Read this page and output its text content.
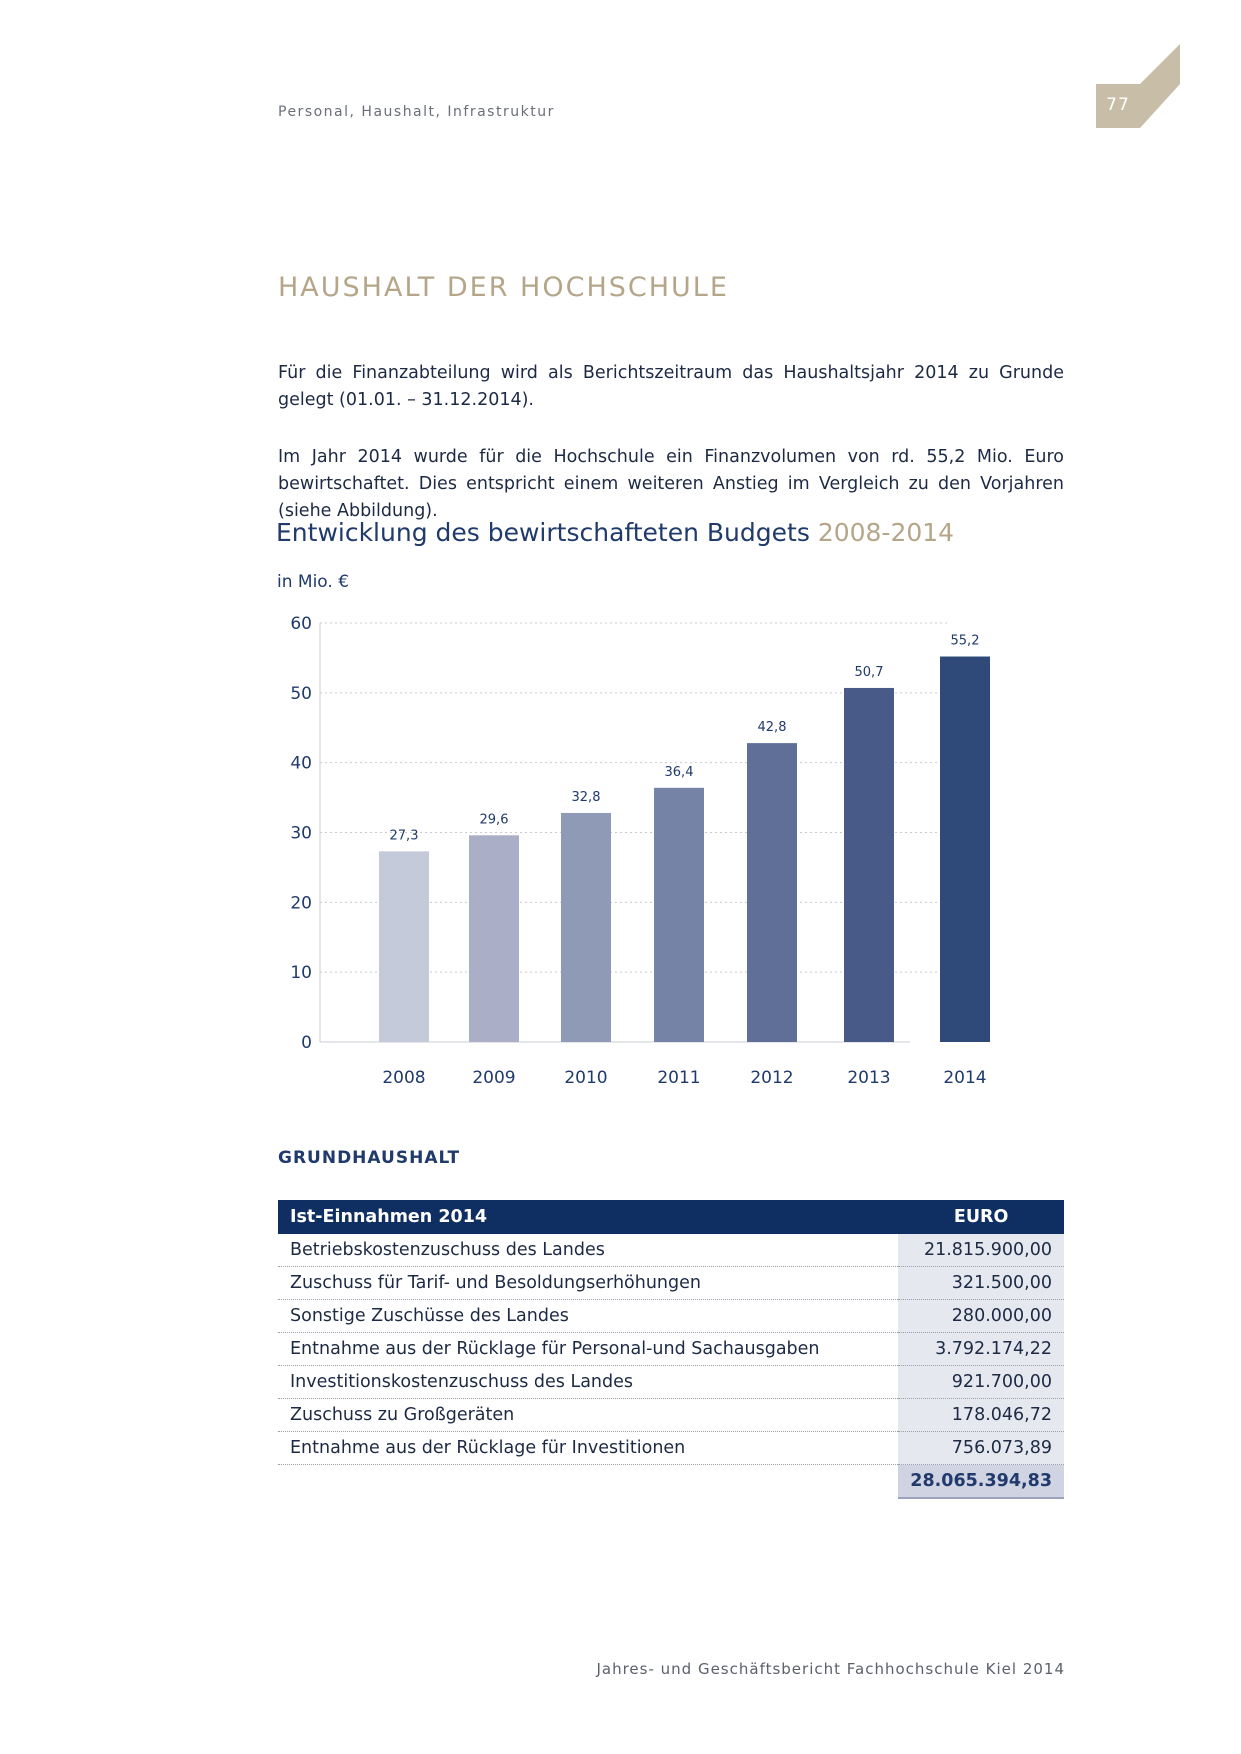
Personal, Haushalt, Infrastruktur	77
HAUSHALT DER HOCHSCHULE
Für die Finanzabteilung wird als Berichtszeitraum das Haushaltsjahr 2014 zu Grunde gelegt (01.01. – 31.12.2014).
Im Jahr 2014 wurde für die Hochschule ein Finanzvolumen von rd. 55,2 Mio. Euro bewirtschaftet. Dies entspricht einem weiteren Anstieg im Vergleich zu den Vorjahren (siehe Abbildung).
Entwicklung des bewirtschafteten Budgets 2008-2014
in Mio. €
0
10
20
30
40
50
60
27,3
2008
29,6
2009
32,8
2010
36,4
2011
42,8
2012
50,7
2013
55,2
2014
GRUNDHAUSHALT
Ist-Einnahmen 2014	EURO
Betriebskostenzuschuss des Landes	21.815.900,00
Zuschuss für Tarif- und Besoldungserhöhungen	321.500,00
Sonstige Zuschüsse des Landes	280.000,00
Entnahme aus der Rücklage für Personal-und Sachausgaben	3.792.174,22
Investitionskostenzuschuss des Landes	921.700,00
Zuschuss zu Großgeräten	178.046,72
Entnahme aus der Rücklage für Investitionen	756.073,89
	28.065.394,83
Jahres- und Geschäftsbericht Fachhochschule Kiel 2014
